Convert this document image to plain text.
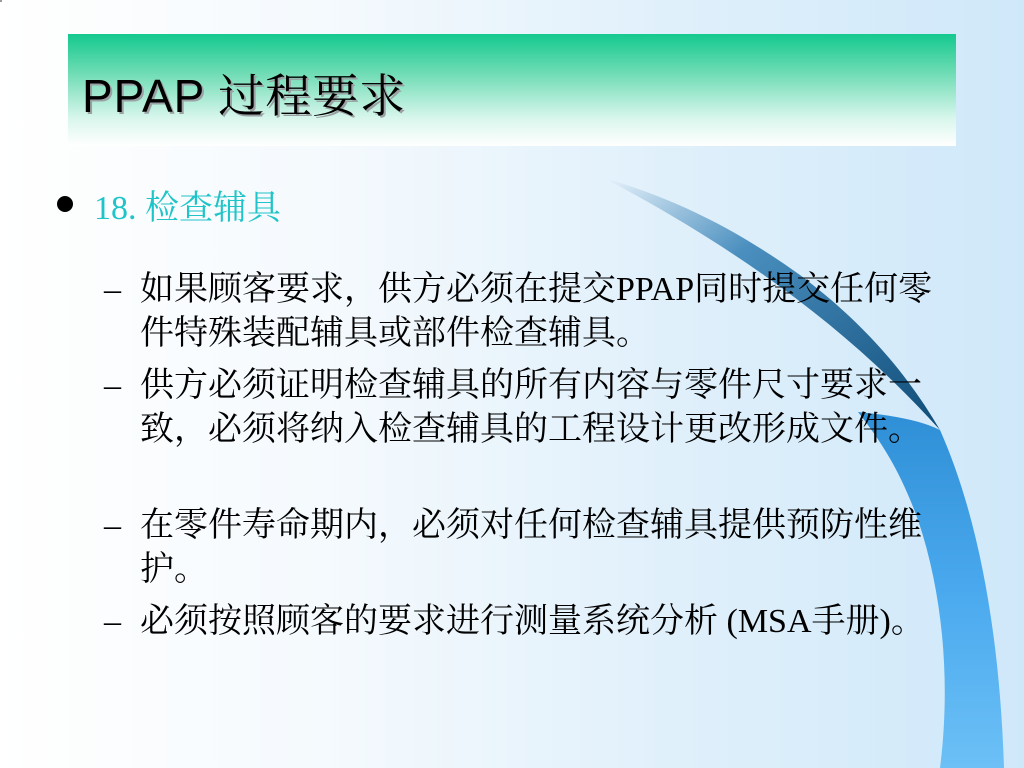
PPAP 过程要求
18. 检查辅具
– 如果顾客要求，供方必须在提交PPAP同时提交任何零件特殊装配辅具或部件检查辅具。
– 供方必须证明检查辅具的所有内容与零件尺寸要求一致，必须将纳入检查辅具的工程设计更改形成文件。
– 在零件寿命期内，必须对任何检查辅具提供预防性维护。
– 必须按照顾客的要求进行测量系统分析 (MSA手册)。
